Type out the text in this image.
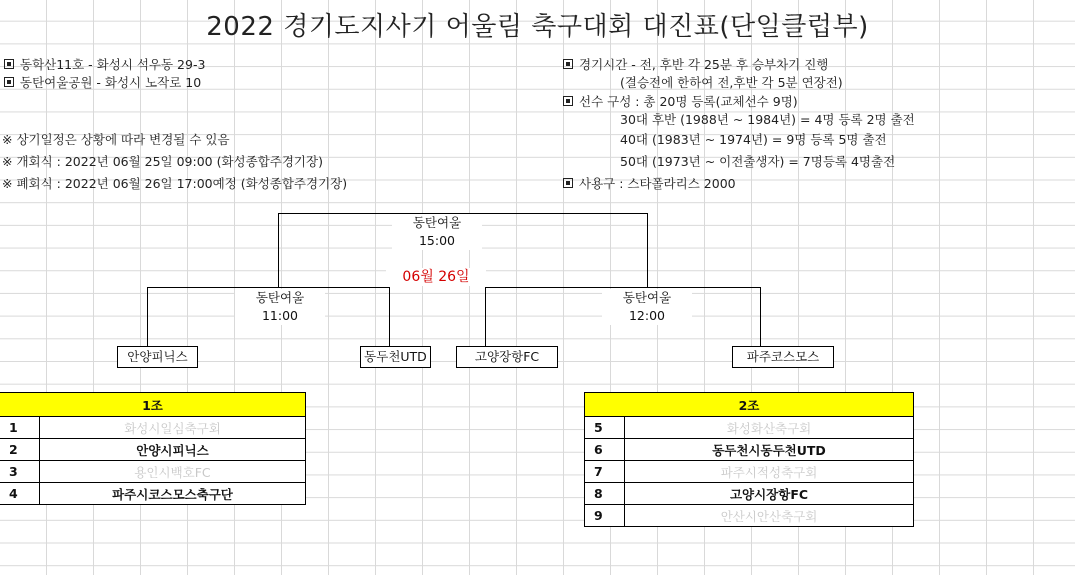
2022 경기도지사기 어울림 축구대회 대진표(단일클럽부)
동학산11호 - 화성시 석우동 29-3
동탄여울공원 - 화성시 노작로 10
※ 상기일정은 상황에 따라 변경될 수 있음
※ 개회식 : 2022년 06월 25일 09:00 (화성종합주경기장)
※ 폐회식 : 2022년 06월 26일 17:00예정 (화성종합주경기장)
경기시간 - 전, 후반 각 25분 후 승부차기 진행
(결승전에 한하여 전,후반 각 5분 연장전)
선수 구성 : 총 20명 등록(교체선수 9명)
30대 후반 (1988년 ~ 1984년) = 4명 등록 2명 출전
40대 (1983년 ~ 1974년) = 9명 등록 5명 출전
50대 (1973년 ~ 이전출생자) = 7명등록 4명출전
사용구 : 스타폴라리스 2000
동탄여울
15:00
06월 26일
동탄여울
11:00
동탄여울
12:00
안양피닉스	동두천UTD	고양장항FC	파주코스모스
1조	
1	화성시일심축구회
2	안양시피닉스
3	용인시백호FC
4	파주시코스모스축구단
2조	
5	화성화산축구회
6	동두천시동두천UTD
7	파주시적성축구회
8	고양시장항FC
9	안산시안산축구회
